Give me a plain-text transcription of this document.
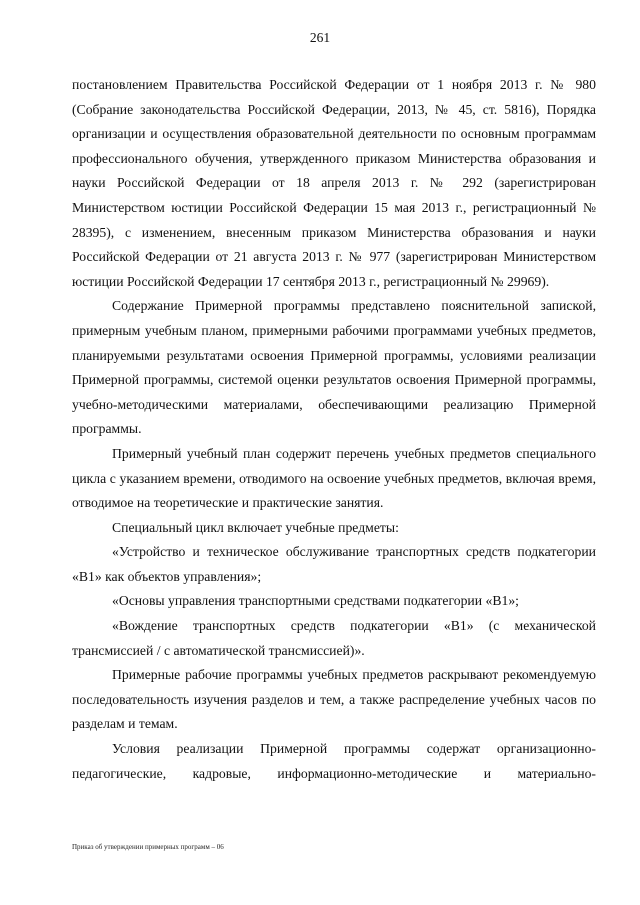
261

постановлением Правительства Российской Федерации от 1 ноября 2013 г. № 980 (Собрание законодательства Российской Федерации, 2013, № 45, ст. 5816), Порядка организации и осуществления образовательной деятельности по основным программам профессионального обучения, утвержденного приказом Министерства образования и науки Российской Федерации от 18 апреля 2013 г. № 292 (зарегистрирован Министерством юстиции Российской Федерации 15 мая 2013 г., регистрационный № 28395), с изменением, внесенным приказом Министерства образования и науки Российской Федерации от 21 августа 2013 г. № 977 (зарегистрирован Министерством юстиции Российской Федерации 17 сентября 2013 г., регистрационный № 29969).

Содержание Примерной программы представлено пояснительной запиской, примерным учебным планом, примерными рабочими программами учебных предметов, планируемыми результатами освоения Примерной программы, условиями реализации Примерной программы, системой оценки результатов освоения Примерной программы, учебно-методическими материалами, обеспечивающими реализацию Примерной программы.

Примерный учебный план содержит перечень учебных предметов специального цикла с указанием времени, отводимого на освоение учебных предметов, включая время, отводимое на теоретические и практические занятия.

Специальный цикл включает учебные предметы:

«Устройство и техническое обслуживание транспортных средств подкатегории «В1» как объектов управления»;

«Основы управления транспортными средствами подкатегории «В1»;

«Вождение транспортных средств подкатегории «В1» (с механической трансмиссией / с автоматической трансмиссией)».

Примерные рабочие программы учебных предметов раскрывают рекомендуемую последовательность изучения разделов и тем, а также распределение учебных часов по разделам и темам.

Условия реализации Примерной программы содержат организационно-педагогические, кадровые, информационно-методические и материально-

Приказ об утверждении примерных программ – 06
